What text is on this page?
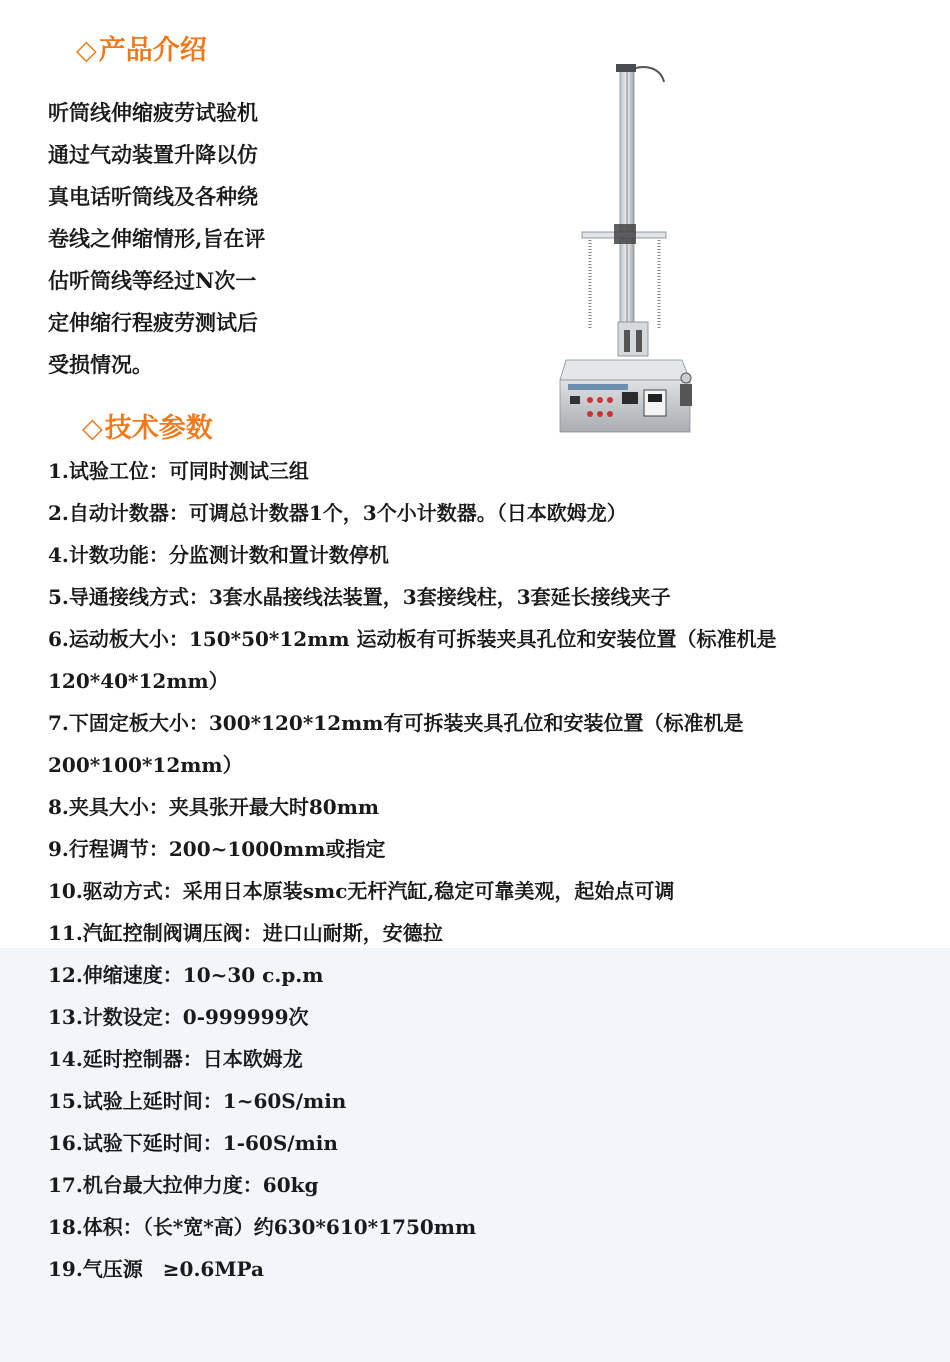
◇产品介绍
听筒线伸缩疲劳试验机
通过气动装置升降以仿
真电话听筒线及各种绕
卷线之伸缩情形,旨在评
估听筒线等经过N次一
定伸缩行程疲劳测试后
受损情况。
◇技术参数
1.试验工位：可同时测试三组
2.自动计数器：可调总计数器1个，3个小计数器。（日本欧姆龙）
4.计数功能：分监测计数和置计数停机
5.导通接线方式：3套水晶接线法装置，3套接线柱，3套延长接线夹子
6.运动板大小：150*50*12mm 运动板有可拆装夹具孔位和安装位置（标准机是
120*40*12mm）
7.下固定板大小：300*120*12mm有可拆装夹具孔位和安装位置（标准机是
200*100*12mm）
8.夹具大小：夹具张开最大时80mm
9.行程调节：200~1000mm或指定
10.驱动方式：采用日本原装smc无杆汽缸,稳定可靠美观，起始点可调
11.汽缸控制阀调压阀：进口山耐斯，安德拉
12.伸缩速度：10~30 c.p.m
13.计数设定：0-999999次
14.延时控制器：日本欧姆龙
15.试验上延时间：1~60S/min
16.试验下延时间：1-60S/min
17.机台最大拉伸力度：60kg
18.体积：（长*宽*高）约630*610*1750mm
19.气压源　≥0.6MPa
